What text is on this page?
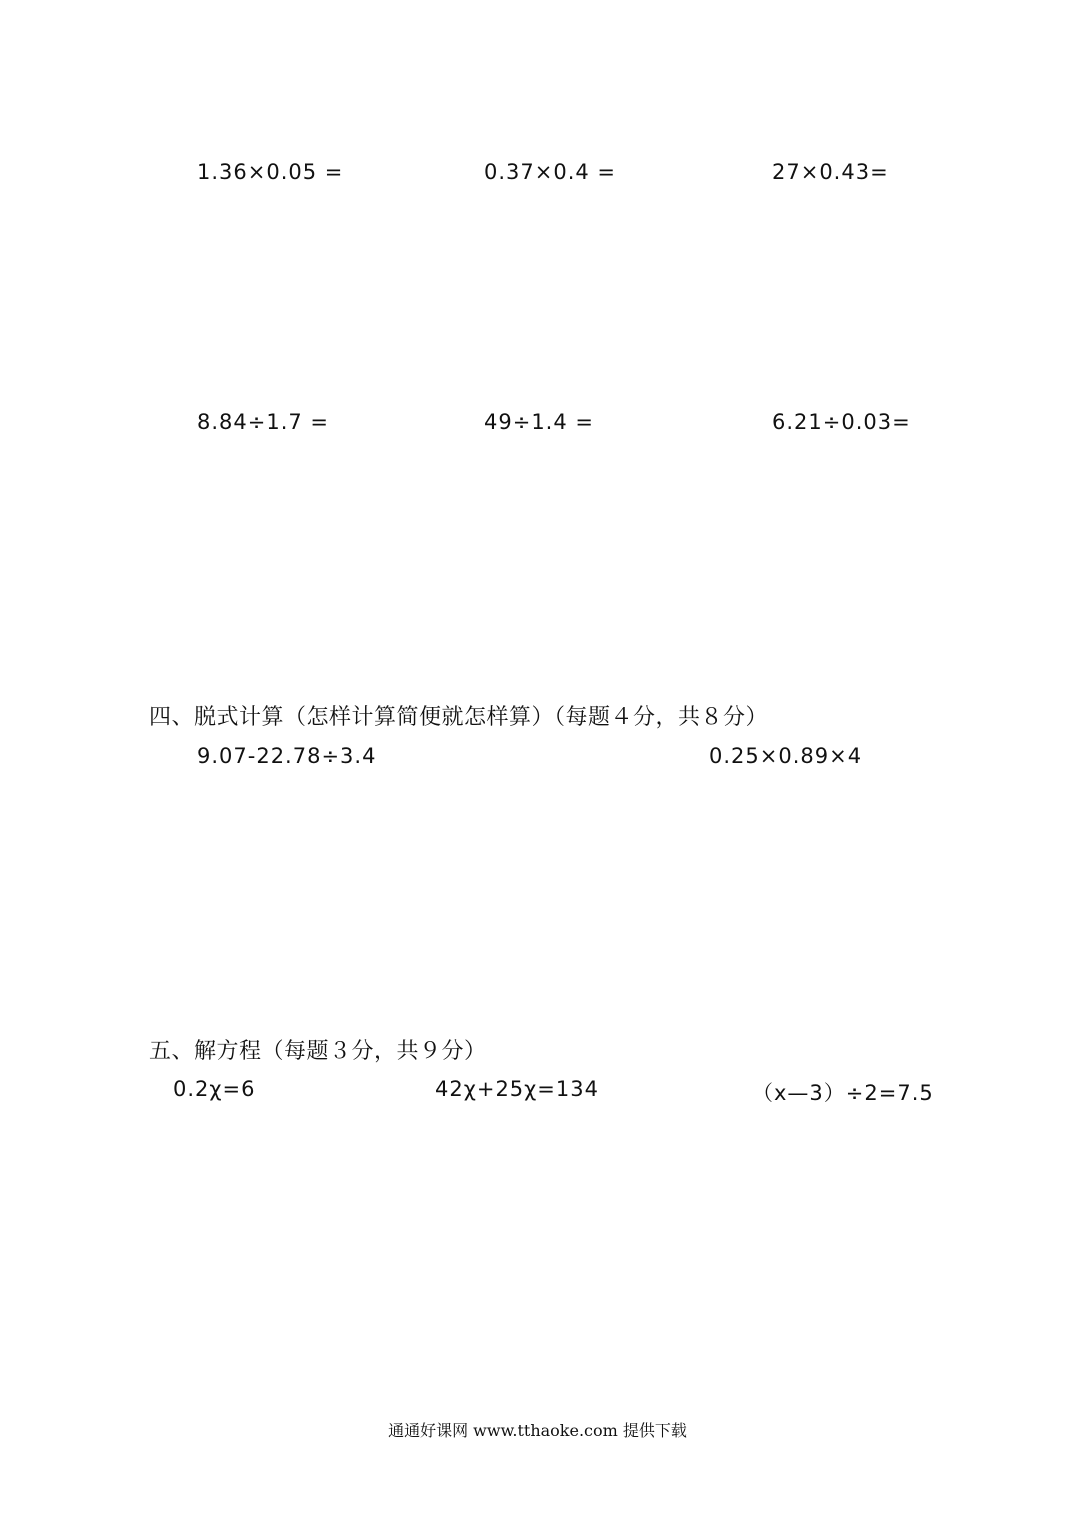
1.36×0.05 =	0.37×0.4 =	27×0.43=
8.84÷1.7 =	49÷1.4 =	6.21÷0.03=
四、脱式计算（怎样计算简便就怎样算）（每题４分，共８分）
9.07-22.78÷3.4	0.25×0.89×4
五、解方程（每题３分，共９分）
0.2χ=6	42χ+25χ=134	（x—3）÷2=7.5
通通好课网 www.tthaoke.com 提供下载
